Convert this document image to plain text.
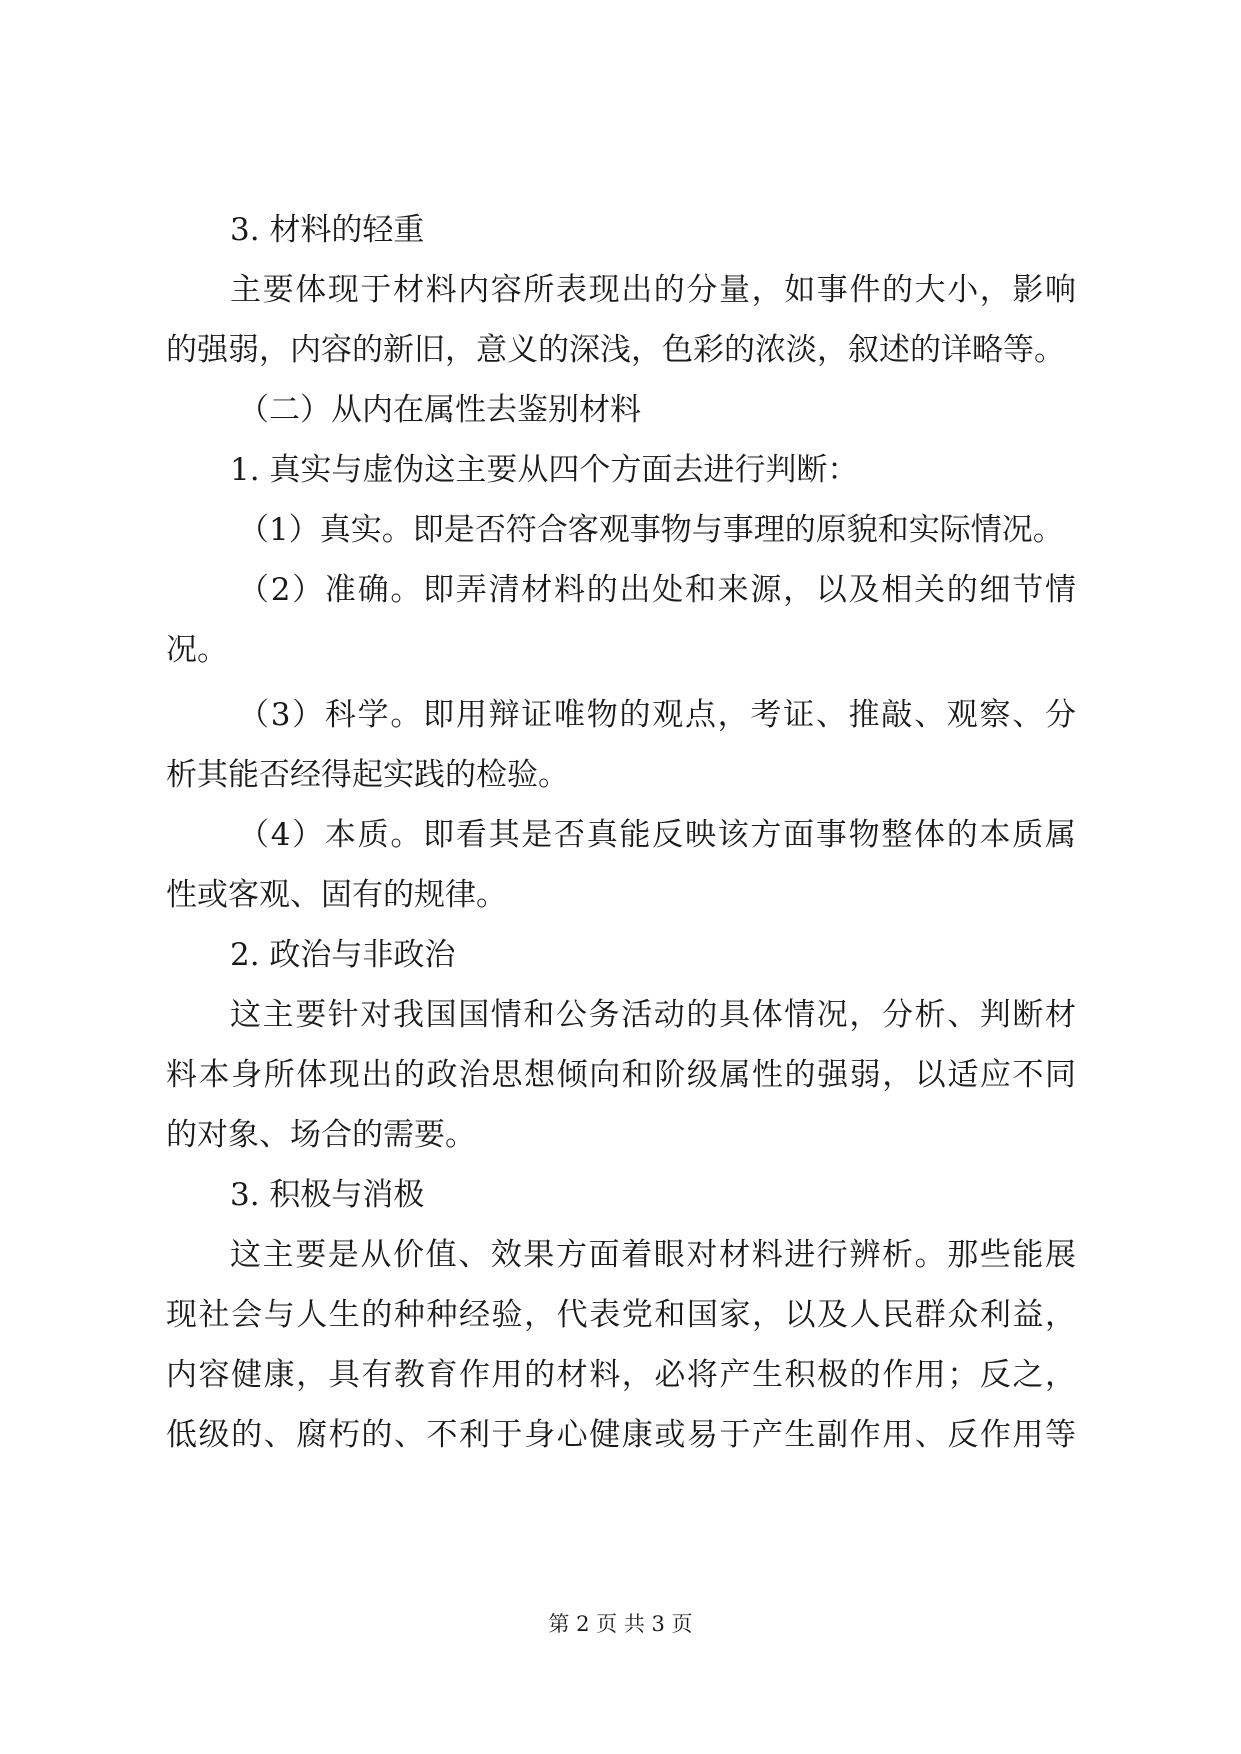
3. 材料的轻重
主要体现于材料内容所表现出的分量，如事件的大小，影响
的强弱，内容的新旧，意义的深浅，色彩的浓淡，叙述的详略等。
（二）从内在属性去鉴别材料
1. 真实与虚伪这主要从四个方面去进行判断：
（1）真实。即是否符合客观事物与事理的原貌和实际情况。
（2）准确。即弄清材料的出处和来源，以及相关的细节情
况。
（3）科学。即用辩证唯物的观点，考证、推敲、观察、分
析其能否经得起实践的检验。
（4）本质。即看其是否真能反映该方面事物整体的本质属
性或客观、固有的规律。
2. 政治与非政治
这主要针对我国国情和公务活动的具体情况，分析、判断材
料本身所体现出的政治思想倾向和阶级属性的强弱，以适应不同
的对象、场合的需要。
3. 积极与消极
这主要是从价值、效果方面着眼对材料进行辨析。那些能展
现社会与人生的种种经验，代表党和国家，以及人民群众利益，
内容健康，具有教育作用的材料，必将产生积极的作用；反之，
低级的、腐朽的、不利于身心健康或易于产生副作用、反作用等
第 2 页 共 3 页
